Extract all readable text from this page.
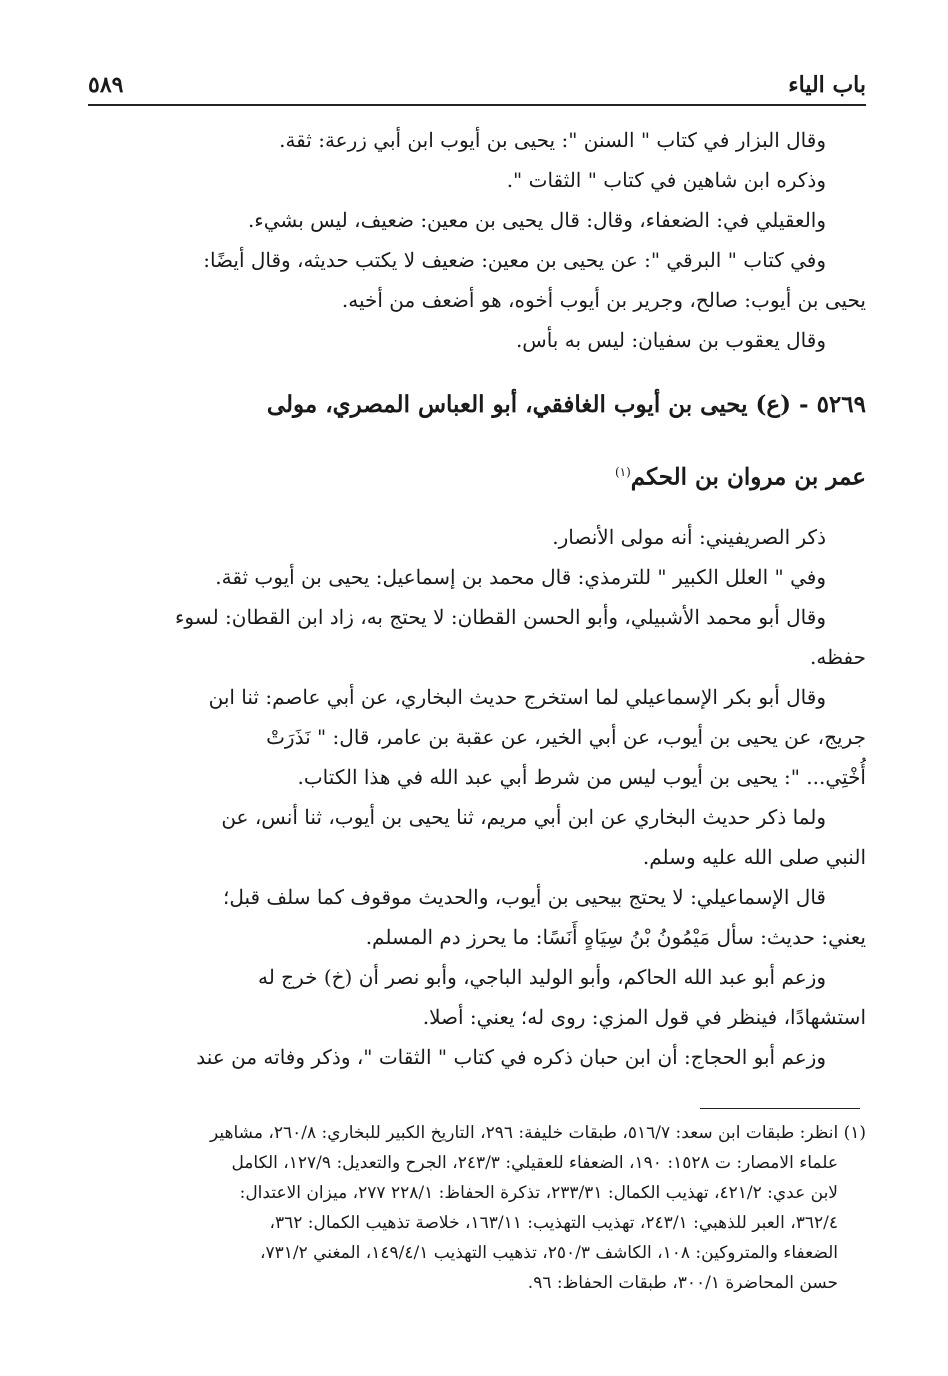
باب الياء
٥٨٩

وقال البزار في كتاب " السنن ": يحيى بن أيوب ابن أبي زرعة: ثقة.

وذكره ابن شاهين في كتاب " الثقات ".

والعقيلي في: الضعفاء، وقال: قال يحيى بن معين: ضعيف، ليس بشيء.

وفي كتاب " البرقي ": عن يحيى بن معين: ضعيف لا يكتب حديثه، وقال أيضًا:

يحيى بن أيوب: صالح، وجرير بن أيوب أخوه، هو أضعف من أخيه.

وقال يعقوب بن سفيان: ليس به بأس.

٥٢٦٩ - (ع) يحيى بن أيوب الغافقي، أبو العباس المصري، مولى

عمر بن مروان بن الحكم$^{(١)}$

ذكر الصريفيني: أنه مولى الأنصار.

وفي " العلل الكبير " للترمذي: قال محمد بن إسماعيل: يحيى بن أيوب ثقة.

وقال أبو محمد الأشبيلي، وأبو الحسن القطان: لا يحتج به، زاد ابن القطان: لسوء

حفظه.

وقال أبو بكر الإسماعيلي لما استخرج حديث البخاري، عن أبي عاصم: ثنا ابن

جريج، عن يحيى بن أيوب، عن أبي الخير، عن عقبة بن عامر، قال: " نَذَرَتْ

أُخْتِي... ": يحيى بن أيوب ليس من شرط أبي عبد الله في هذا الكتاب.

ولما ذكر حديث البخاري عن ابن أبي مريم، ثنا يحيى بن أيوب، ثنا أنس، عن

النبي صلى الله عليه وسلم.

قال الإسماعيلي: لا يحتج بيحيى بن أيوب، والحديث موقوف كما سلف قبل؛

يعني: حديث: سأل مَيْمُونُ بْنُ سِيَاهٍ أَنَسًا: ما يحرز دم المسلم.

وزعم أبو عبد الله الحاكم، وأبو الوليد الباجي، وأبو نصر أن (خ) خرج له

استشهادًا، فينظر في قول المزي: روى له؛ يعني: أصلا.

وزعم أبو الحجاج: أن ابن حبان ذكره في كتاب " الثقات "، وذكر وفاته من عند

(١) انظر: طبقات ابن سعد: ٥١٦/٧، طبقات خليفة: ٢٩٦، التاريخ الكبير للبخاري: ٢٦٠/٨، مشاهير

علماء الامصار: ت ١٥٢٨: ١٩٠، الضعفاء للعقيلي: ٢٤٣/٣، الجرح والتعديل: ١٢٧/٩، الكامل

لابن عدي: ٤٢١/٢، تهذيب الكمال: ٢٣٣/٣١، تذكرة الحفاظ: ٢٢٨/١ ٢٧٧، ميزان الاعتدال:

٣٦٢/٤، العبر للذهبي: ٢٤٣/١، تهذيب التهذيب: ١٦٣/١١، خلاصة تذهيب الكمال: ٣٦٢،

الضعفاء والمتروكين: ١٠٨، الكاشف ٢٥٠/٣، تذهيب التهذيب ١٤٩/٤/١، المغني ٧٣١/٢،

حسن المحاضرة ٣٠٠/١، طبقات الحفاظ: ٩٦.
